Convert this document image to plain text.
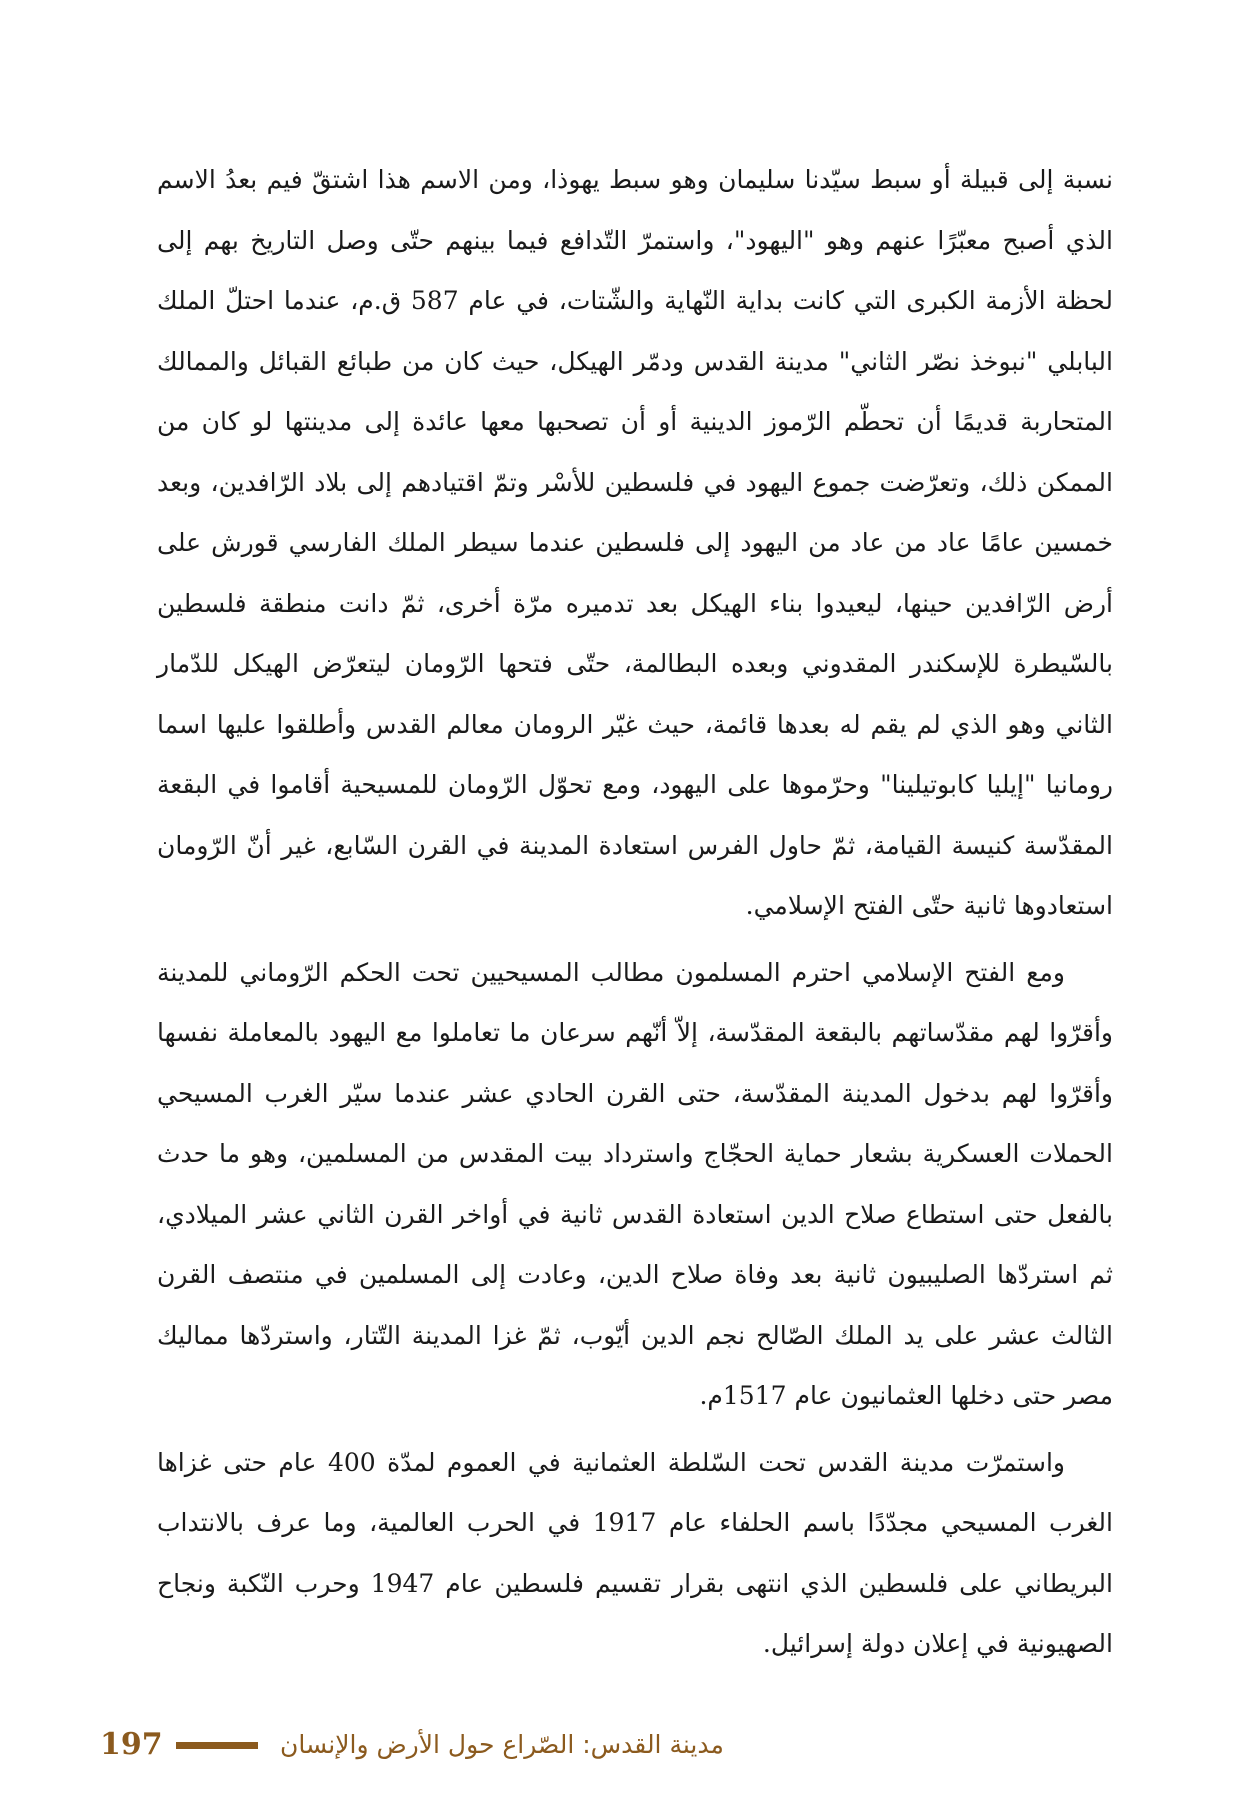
نسبة إلى قبيلة أو سبط سيّدنا سليمان وهو سبط يهوذا، ومن الاسم هذا اشتقّ فيم بعدُ الاسم الذي أصبح معبّرًا عنهم وهو "اليهود"، واستمرّ التّدافع فيما بينهم حتّى وصل التاريخ بهم إلى لحظة الأزمة الكبرى التي كانت بداية النّهاية والشّتات، في عام 587 ق.م، عندما احتلّ الملك البابلي "نبوخذ نصّر الثاني" مدينة القدس ودمّر الهيكل، حيث كان من طبائع القبائل والممالك المتحاربة قديمًا أن تحطّم الرّموز الدينية أو أن تصحبها معها عائدة إلى مدينتها لو كان من الممكن ذلك، وتعرّضت جموع اليهود في فلسطين للأسْر وتمّ اقتيادهم إلى بلاد الرّافدين، وبعد خمسين عامًا عاد من عاد من اليهود إلى فلسطين عندما سيطر الملك الفارسي قورش على أرض الرّافدين حينها، ليعيدوا بناء الهيكل بعد تدميره مرّة أخرى، ثمّ دانت منطقة فلسطين بالسّيطرة للإسكندر المقدوني وبعده البطالمة، حتّى فتحها الرّومان ليتعرّض الهيكل للدّمار الثاني وهو الذي لم يقم له بعدها قائمة، حيث غيّر الرومان معالم القدس وأطلقوا عليها اسما رومانيا "إيليا كابوتيلينا" وحرّموها على اليهود، ومع تحوّل الرّومان للمسيحية أقاموا في البقعة المقدّسة كنيسة القيامة، ثمّ حاول الفرس استعادة المدينة في القرن السّابع، غير أنّ الرّومان استعادوها ثانية حتّى الفتح الإسلامي.

ومع الفتح الإسلامي احترم المسلمون مطالب المسيحيين تحت الحكم الرّوماني للمدينة وأقرّوا لهم مقدّساتهم بالبقعة المقدّسة، إلاّ أنّهم سرعان ما تعاملوا مع اليهود بالمعاملة نفسها وأقرّوا لهم بدخول المدينة المقدّسة، حتى القرن الحادي عشر عندما سيّر الغرب المسيحي الحملات العسكرية بشعار حماية الحجّاج واسترداد بيت المقدس من المسلمين، وهو ما حدث بالفعل حتى استطاع صلاح الدين استعادة القدس ثانية في أواخر القرن الثاني عشر الميلادي، ثم استردّها الصليبيون ثانية بعد وفاة صلاح الدين، وعادت إلى المسلمين في منتصف القرن الثالث عشر على يد الملك الصّالح نجم الدين أيّوب، ثمّ غزا المدينة التّتار، واستردّها مماليك مصر حتى دخلها العثمانيون عام 1517م.

واستمرّت مدينة القدس تحت السّلطة العثمانية في العموم لمدّة 400 عام حتى غزاها الغرب المسيحي مجدّدًا باسم الحلفاء عام 1917 في الحرب العالمية، وما عرف بالانتداب البريطاني على فلسطين الذي انتهى بقرار تقسيم فلسطين عام 1947 وحرب النّكبة ونجاح الصهيونية في إعلان دولة إسرائيل.

197	مدينة القدس: الصّراع حول الأرض والإنسان
